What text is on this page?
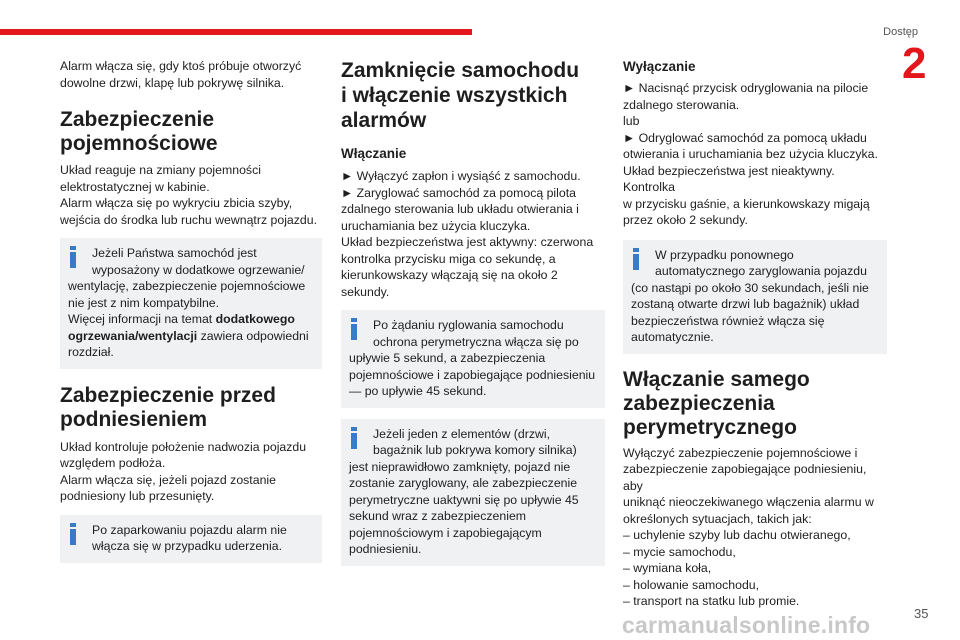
Dostęp
2

Alarm włącza się, gdy ktoś próbuje otworzyć
dowolne drzwi, klapę lub pokrywę silnika.

Zabezpieczenie
pojemnościowe

Układ reaguje na zmiany pojemności
elektrostatycznej w kabinie.
Alarm włącza się po wykryciu zbicia szyby,
wejścia do środka lub ruchu wewnątrz pojazdu.

Jeżeli Państwa samochód jest
wyposażony w dodatkowe ogrzewanie/
wentylację, zabezpieczenie pojemnościowe
nie jest z nim kompatybilne.
Więcej informacji na temat dodatkowego
ogrzewania/wentylacji zawiera odpowiedni
rozdział.
Zabezpieczenie przed
podniesieniem

Układ kontroluje położenie nadwozia pojazdu
względem podłoża.
Alarm włącza się, jeżeli pojazd zostanie
podniesiony lub przesunięty.

Po zaparkowaniu pojazdu alarm nie
włącza się w przypadku uderzenia.
Zamknięcie samochodu
i włączenie wszystkich
alarmów
Włączanie

► Wyłączyć zapłon i wysiąść z samochodu.
► Zaryglować samochód za pomocą pilota
zdalnego sterowania lub układu otwierania i
uruchamiania bez użycia kluczyka.
Układ bezpieczeństwa jest aktywny: czerwona
kontrolka przycisku miga co sekundę, a
kierunkowskazy włączają się na około 2
sekundy.

Po żądaniu ryglowania samochodu
ochrona perymetryczna włącza się po
upływie 5 sekund, a zabezpieczenia
pojemnościowe i zapobiegające podniesieniu
— po upływie 45 sekund.
Jeżeli jeden z elementów (drzwi,
bagażnik lub pokrywa komory silnika)
jest nieprawidłowo zamknięty, pojazd nie
zostanie zaryglowany, ale zabezpieczenie
perymetryczne uaktywni się po upływie 45
sekund wraz z zabezpieczeniem
pojemnościowym i zapobiegającym
podniesieniu.
Wyłączanie

► Nacisnąć przycisk odryglowania na pilocie
zdalnego sterowania.
lub
► Odryglować samochód za pomocą układu
otwierania i uruchamiania bez użycia kluczyka.
Układ bezpieczeństwa jest nieaktywny. Kontrolka
w przycisku gaśnie, a kierunkowskazy migają
przez około 2 sekundy.

W przypadku ponownego
automatycznego zaryglowania pojazdu
(co nastąpi po około 30 sekundach, jeśli nie
zostaną otwarte drzwi lub bagażnik) układ
bezpieczeństwa również włącza się
automatycznie.
Włączanie samego
zabezpieczenia
perymetrycznego

Wyłączyć zabezpieczenie pojemnościowe i
zabezpieczenie zapobiegające podniesieniu, aby
uniknąć nieoczekiwanego włączenia alarmu w
określonych sytuacjach, takich jak:
– uchylenie szyby lub dachu otwieranego,
– mycie samochodu,
– wymiana koła,
– holowanie samochodu,
– transport na statku lub promie.

carmanualsonline.info	35
